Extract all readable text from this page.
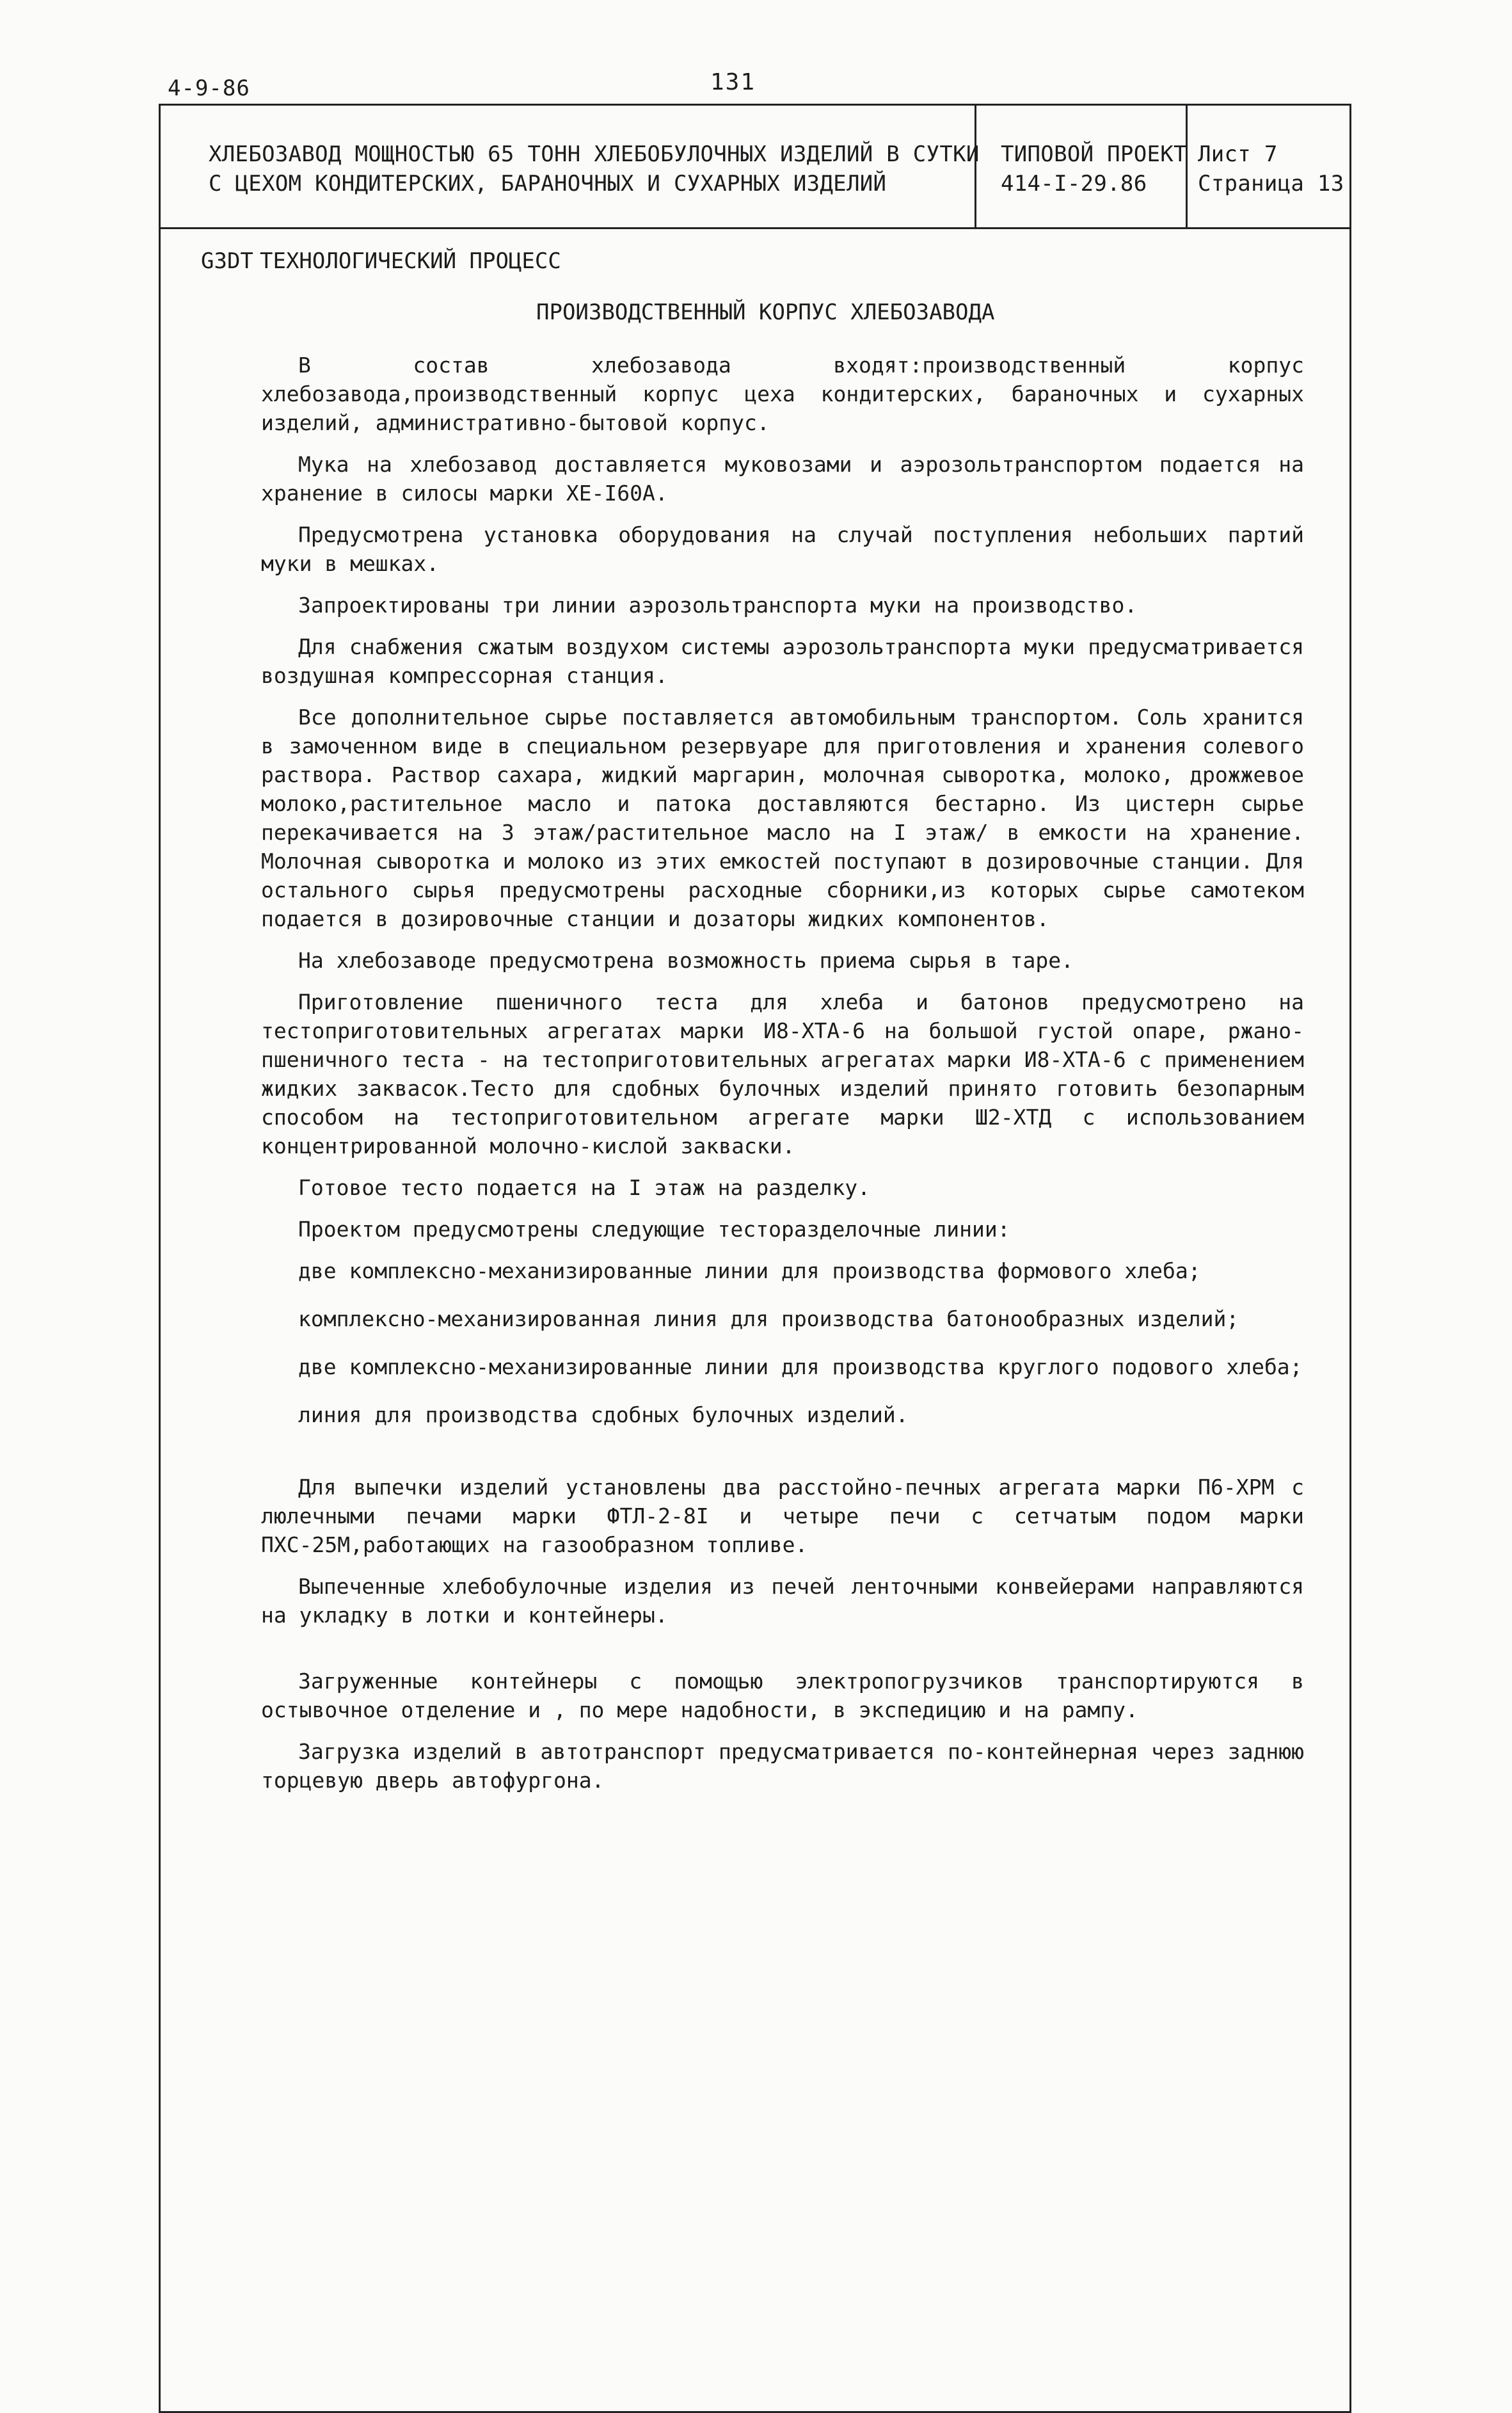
4-9-86	131
ХЛЕБОЗАВОД МОЩНОСТЬЮ 65 ТОНН ХЛЕБОБУЛОЧНЫХ ИЗДЕЛИЙ В СУТКИ
С ЦЕХОМ КОНДИТЕРСКИХ, БАРАНОЧНЫХ И СУХАРНЫХ ИЗДЕЛИЙ
ТИПОВОЙ ПРОЕКТ
414-I-29.86
Лист 7
Страница 13
G3DT ТЕХНОЛОГИЧЕСКИЙ ПРОЦЕСС
ПРОИЗВОДСТВЕННЫЙ КОРПУС ХЛЕБОЗАВОДА

В состав хлебозавода входят:производственный корпус хлебозавода,производственный корпус цеха кондитерских, бараночных и сухарных изделий, административно-бытовой корпус.

Мука на хлебозавод доставляется муковозами и аэрозольтранспортом подается на хранение в силосы марки ХЕ-I60А.

Предусмотрена установка оборудования на случай поступления небольших партий муки в мешках.

Запроектированы три линии аэрозольтранспорта муки на производство.

Для снабжения сжатым воздухом системы аэрозольтранспорта муки предусматривается воздушная компрессорная станция.

Все дополнительное сырье поставляется автомобильным транспортом. Соль хранится в замоченном виде в специальном резервуаре для приготовления и хранения солевого раствора. Раствор сахара, жидкий маргарин, молочная сыворотка, молоко, дрожжевое молоко,растительное масло и патока доставляются бестарно. Из цистерн сырье перекачивается на 3 этаж/растительное масло на I этаж/ в емкости на хранение. Молочная сыворотка и молоко из этих емкостей поступают в дозировочные станции. Для остального сырья предусмотрены расходные сборники,из которых сырье самотеком подается в дозировочные станции и дозаторы жидких компонентов.

На хлебозаводе предусмотрена возможность приема сырья в таре.

Приготовление пшеничного теста для хлеба и батонов предусмотрено на тестоприготовительных агрегатах марки И8-ХТА-6 на большой густой опаре, ржано-пшеничного теста - на тестоприготовительных агрегатах марки И8-ХТА-6 с применением жидких заквасок.Тесто для сдобных булочных изделий принято готовить безопарным способом на тестоприготовительном агрегате марки Ш2-ХТД с использованием концентрированной молочно-кислой закваски.

Готовое тесто подается на I этаж на разделку.

Проектом предусмотрены следующие тесторазделочные линии:

две комплексно-механизированные линии для производства формового хлеба;

комплексно-механизированная линия для производства батонообразных изделий;

две комплексно-механизированные линии для производства круглого подового хлеба;

линия для производства сдобных булочных изделий.

Для выпечки изделий установлены два расстойно-печных агрегата марки П6-ХРМ с люлечными печами марки ФТЛ-2-8I и четыре печи с сетчатым подом марки ПХС-25М,работающих на газообразном топливе.

Выпеченные хлебобулочные изделия из печей ленточными конвейерами направляются на укладку в лотки и контейнеры.

Загруженные контейнеры с помощью электропогрузчиков транспортируются в остывочное отделение и , по мере надобности, в экспедицию и на рампу.

Загрузка изделий в автотранспорт предусматривается по-контейнерная через заднюю торцевую дверь автофургона.
